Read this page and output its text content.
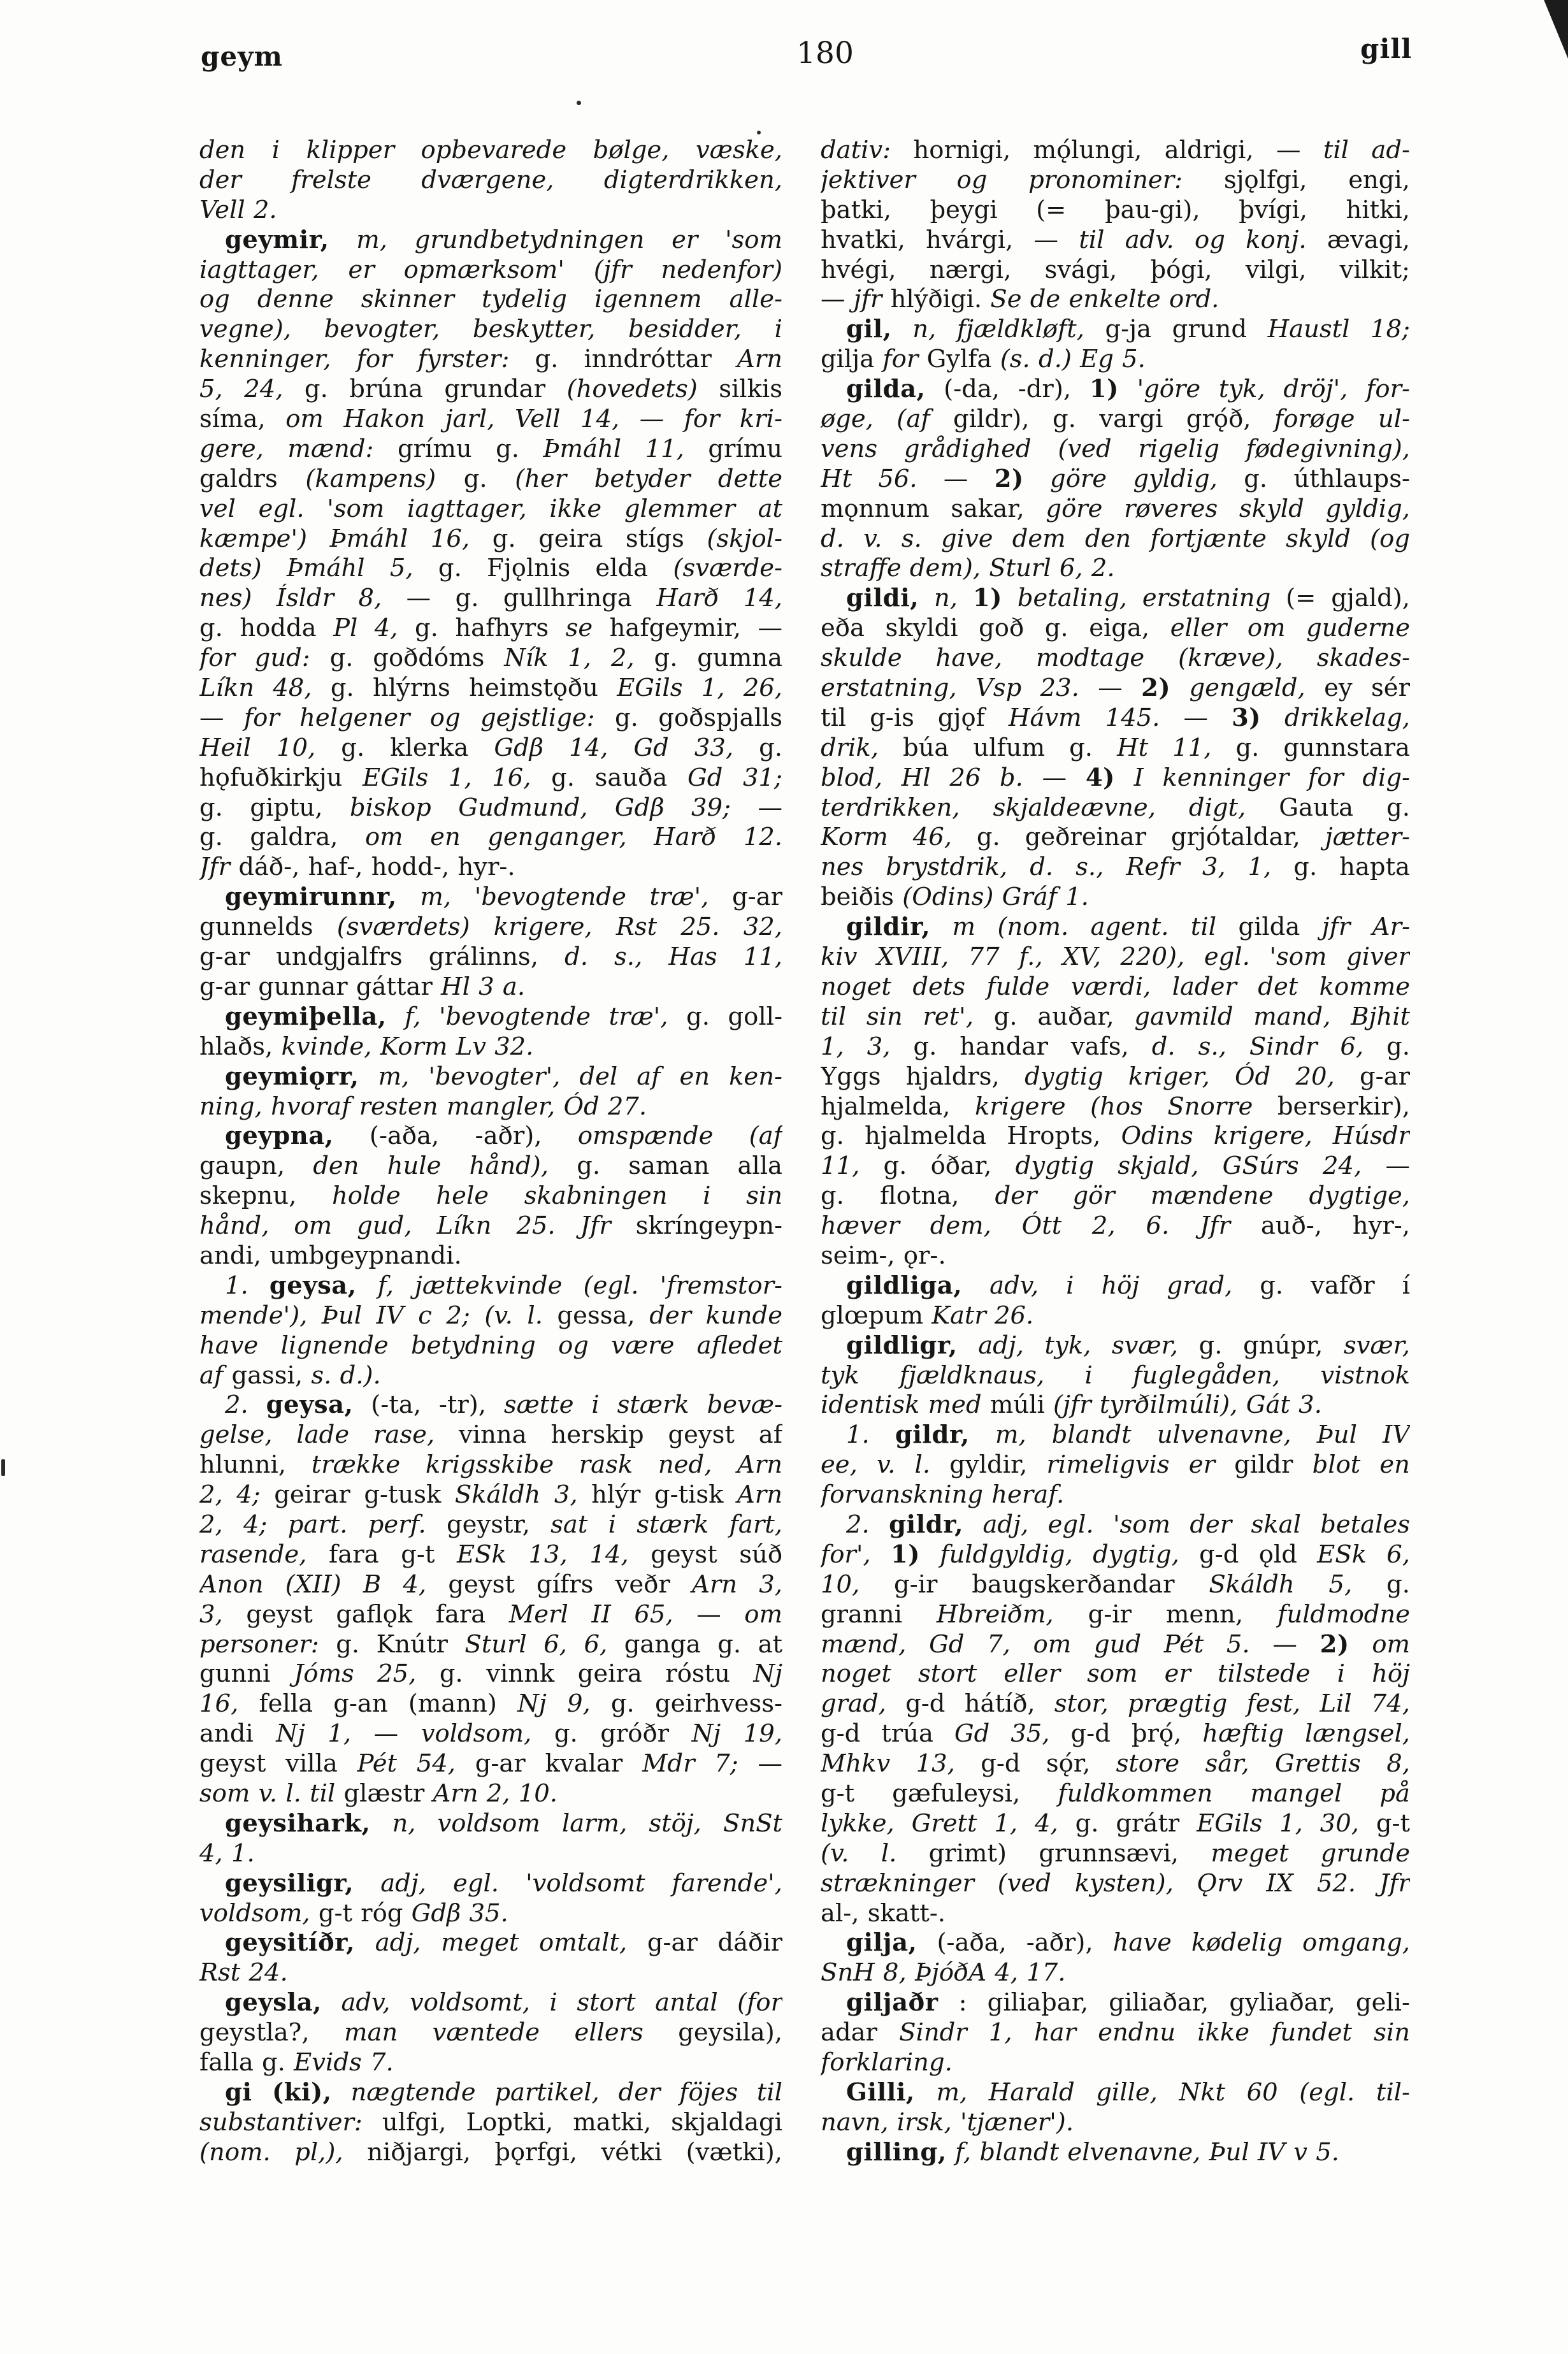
geym	180	gill
den i klipper opbevarede bølge, væske,
der frelste dværgene, digterdrikken,
Vell 2.
geymir, m, grundbetydningen er 'som
iagttager, er opmærksom' (jfr nedenfor)
og denne skinner tydelig igennem alle-
vegne), bevogter, beskytter, besidder, i
kenninger, for fyrster: g. inndróttar Arn
5, 24, g. brúna grundar (hovedets) silkis
síma, om Hakon jarl, Vell 14, — for kri-
gere, mænd: grímu g. Þmáhl 11, grímu
galdrs (kampens) g. (her betyder dette
vel egl. 'som iagttager, ikke glemmer at
kæmpe') Þmáhl 16, g. geira stígs (skjol-
dets) Þmáhl 5, g. Fjǫlnis elda (sværde-
nes) Ísldr 8, — g. gullhringa Harð 14,
g. hodda Pl 4, g. hafhyrs se hafgeymir, —
for gud: g. goðdóms Ník 1, 2, g. gumna
Líkn 48, g. hlýrns heimstǫðu EGils 1, 26,
— for helgener og gejstlige: g. goðspjalls
Heil 10, g. klerka Gdβ 14, Gd 33, g.
hǫfuðkirkju EGils 1, 16, g. sauða Gd 31;
g. giptu, biskop Gudmund, Gdβ 39; —
g. galdra, om en genganger, Harð 12.
Jfr dáð-, haf-, hodd-, hyr-.
geymirunnr, m, 'bevogtende træ', g-ar
gunnelds (sværdets) krigere, Rst 25. 32,
g-ar undgjalfrs grálinns, d. s., Has 11,
g-ar gunnar gáttar Hl 3 a.
geymiþella, f, 'bevogtende træ', g. goll-
hlaðs, kvinde, Korm Lv 32.
geymiǫrr, m, 'bevogter', del af en ken-
ning, hvoraf resten mangler, Ód 27.
geypna, (-aða, -aðr), omspænde (af
gaupn, den hule hånd), g. saman alla
skepnu, holde hele skabningen i sin
hånd, om gud, Líkn 25. Jfr skríngeypn-
andi, umbgeypnandi.
1. geysa, f, jættekvinde (egl. 'fremstor-
mende'), Þul IV c 2; (v. l. gessa, der kunde
have lignende betydning og være afledet
af gassi, s. d.).
2. geysa, (-ta, -tr), sætte i stærk bevæ-
gelse, lade rase, vinna herskip geyst af
hlunni, trække krigsskibe rask ned, Arn
2, 4; geirar g-tusk Skáldh 3, hlýr g-tisk Arn
2, 4; part. perf. geystr, sat i stærk fart,
rasende, fara g-t ESk 13, 14, geyst súð
Anon (XII) B 4, geyst gífrs veðr Arn 3,
3, geyst gaflǫk fara Merl II 65, — om
personer: g. Knútr Sturl 6, 6, ganga g. at
gunni Jóms 25, g. vinnk geira róstu Nj
16, fella g-an (mann) Nj 9, g. geirhvess-
andi Nj 1, — voldsom, g. gróðr Nj 19,
geyst villa Pét 54, g-ar kvalar Mdr 7; —
som v. l. til glæstr Arn 2, 10.
geysihark, n, voldsom larm, stöj, SnSt
4, 1.
geysiligr, adj, egl. 'voldsomt farende',
voldsom, g-t róg Gdβ 35.
geysitíðr, adj, meget omtalt, g-ar dáðir
Rst 24.
geysla, adv, voldsomt, i stort antal (for
geystla?, man væntede ellers geysila),
falla g. Evids 7.
gi (ki), nægtende partikel, der föjes til
substantiver: ulfgi, Loptki, matki, skjaldagi
(nom. pl,), niðjargi, þǫrfgi, vétki (vætki),
dativ: hornigi, mǫ́lungi, aldrigi, — til ad-
jektiver og pronominer: sjǫlfgi, engi,
þatki, þeygi (= þau-gi), þvígi, hitki,
hvatki, hvárgi, — til adv. og konj. ævagi,
hvégi, nærgi, svági, þógi, vilgi, vilkit;
— jfr hlýðigi. Se de enkelte ord.
gil, n, fjældkløft, g-ja grund Haustl 18;
gilja for Gylfa (s. d.) Eg 5.
gilda, (-da, -dr), 1) 'göre tyk, dröj', for-
øge, (af gildr), g. vargi grǫ́ð, forøge ul-
vens grådighed (ved rigelig fødegivning),
Ht 56. — 2) göre gyldig, g. úthlaups-
mǫnnum sakar, göre røveres skyld gyldig,
d. v. s. give dem den fortjænte skyld (og
straffe dem), Sturl 6, 2.
gildi, n, 1) betaling, erstatning (= gjald),
eða skyldi goð g. eiga, eller om guderne
skulde have, modtage (kræve), skades-
erstatning, Vsp 23. — 2) gengæld, ey sér
til g-is gjǫf Hávm 145. — 3) drikkelag,
drik, búa ulfum g. Ht 11, g. gunnstara
blod, Hl 26 b. — 4) I kenninger for dig-
terdrikken, skjaldeævne, digt, Gauta g.
Korm 46, g. geðreinar grjótaldar, jætter-
nes brystdrik, d. s., Refr 3, 1, g. hapta
beiðis (Odins) Gráf 1.
gildir, m (nom. agent. til gilda jfr Ar-
kiv XVIII, 77 f., XV, 220), egl. 'som giver
noget dets fulde værdi, lader det komme
til sin ret', g. auðar, gavmild mand, Bjhit
1, 3, g. handar vafs, d. s., Sindr 6, g.
Yggs hjaldrs, dygtig kriger, Ód 20, g-ar
hjalmelda, krigere (hos Snorre berserkir),
g. hjalmelda Hropts, Odins krigere, Húsdr
11, g. óðar, dygtig skjald, GSúrs 24, —
g. flotna, der gör mændene dygtige,
hæver dem, Ótt 2, 6. Jfr auð-, hyr-,
seim-, ǫr-.
gildliga, adv, i höj grad, g. vafðr í
glœpum Katr 26.
gildligr, adj, tyk, svær, g. gnúpr, svær,
tyk fjældknaus, i fuglegåden, vistnok
identisk med múli (jfr tyrðilmúli), Gát 3.
1. gildr, m, blandt ulvenavne, Þul IV
ee, v. l. gyldir, rimeligvis er gildr blot en
forvanskning heraf.
2. gildr, adj, egl. 'som der skal betales
for', 1) fuldgyldig, dygtig, g-d ǫld ESk 6,
10, g-ir baugskerðandar Skáldh 5, g.
granni Hbreiðm, g-ir menn, fuldmodne
mænd, Gd 7, om gud Pét 5. — 2) om
noget stort eller som er tilstede i höj
grad, g-d hátíð, stor, prægtig fest, Lil 74,
g-d trúa Gd 35, g-d þrǫ́, hæftig længsel,
Mhkv 13, g-d sǫ́r, store sår, Grettis 8,
g-t gæfuleysi, fuldkommen mangel på
lykke, Grett 1, 4, g. grátr EGils 1, 30, g-t
(v. l. grimt) grunnsævi, meget grunde
strækninger (ved kysten), Ǫrv IX 52. Jfr
al-, skatt-.
gilja, (-aða, -aðr), have kødelig omgang,
SnH 8, ÞjóðA 4, 17.
giljaðr : giliaþar, giliaðar, gyliaðar, geli-
adar Sindr 1, har endnu ikke fundet sin
forklaring.
Gilli, m, Harald gille, Nkt 60 (egl. til-
navn, irsk, 'tjæner').
gilling, f, blandt elvenavne, Þul IV v 5.
